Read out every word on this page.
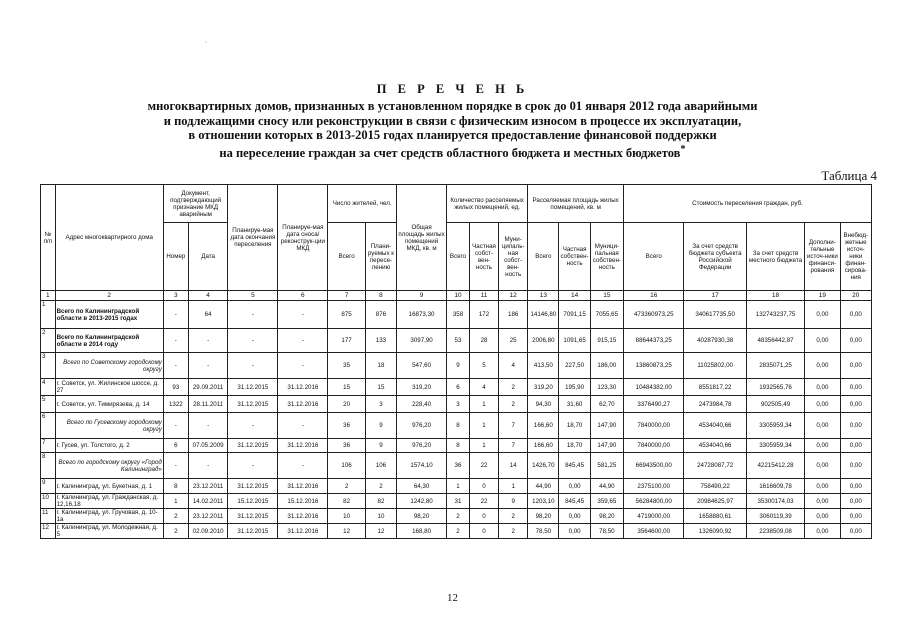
·
П Е Р Е Ч Е Н Ь
многоквартирных домов, признанных в установленном порядке в срок до 01 января 2012 года аварийными
и подлежащими сносу или реконструкции в связи с физическим износом в процессе их эксплуатации,
в отношении которых в 2013-2015 годах планируется предоставление финансовой поддержки
на переселение граждан за счет средств областного бюджета и местных бюджетов*
Таблица 4
№ п/п	Адрес многоквартирного дома	Документ, подтверждающий признание МКД аварийным		Планируе-мая дата окончания переселения	Планируе-мая дата сноса/ реконструк-ции МКД	Число жителей, чел.		Общая площадь жилых помещений МКД, кв. м	Количество расселяемых жилых помещений, ед.			Расселяемая площадь жилых помещений, кв. м			Стоимость переселения граждан, руб.				
		Номер	Дата			Всего	Плани-руемых к пересе-лению		Всего	Частная собст-вен-ность	Муни-ципаль-ная собст-вен-ность	Всего	Частная собствен-ность	Муници-пальная собствен-ность	Всего	За счет средств бюджета субъекта Российской Федерации	За счет средств местного бюджета	Дополни-тельные источ-ники финанси-рования	Внебюд-жетные источ-ники финан-сирова-ния
1	2	3	4	5	6	7	8	9	10	11	12	13	14	15	16	17	18	19	20
1	Всего по Калининградской области в 2013-2015 годах	-	64	-	-	875	876	16873,30	358	172	186	14146,80	7091,15	7055,65	473360973,25	340617735,50	132743237,75	0,00	0,00
2	Всего по Калининградской области в 2014 году	-	-	-	-	177	133	3097,90	53	28	25	2006,80	1091,65	915,15	88644373,25	40287930,38	48356442,87	0,00	0,00
3	Всего по Советскому городскому округу	-	-	-	-	35	18	547,60	9	5	4	413,50	227,50	186,00	13860873,25	11025802,00	2835071,25	0,00	0,00
4	г. Советск, ул. Жилинское шоссе, д. 27	93	29.09.2011	31.12.2015	31.12.2016	15	15	319,20	6	4	2	319,20	195,90	123,30	10484382,00	8551817,22	1932565,76	0,00	0,00
5	г. Советск, ул. Тимирязева, д. 14	1322	28.11.2011	31.12.2015	31.12.2016	20	3	228,40	3	1	2	94,30	31,60	62,70	3376490,27	2473984,78	902505,49	0,00	0,00
6	Всего по Гусевскому городскому округу	-	-	-	-	36	9	976,20	8	1	7	166,60	18,70	147,90	7840000,00	4534040,66	3305959,34	0,00	0,00
7	г. Гусев, ул. Толстого, д. 2	6	07.05.2009	31.12.2015	31.12.2016	36	9	976,20	8	1	7	166,60	18,70	147,90	7840000,00	4534040,66	3305959,34	0,00	0,00
8	Всего по городскому округу «Город Калининград»	-	-	-	-	106	106	1574,10	36	22	14	1426,70	845,45	581,25	66943500,00	24728087,72	42215412,28	0,00	0,00
9	г. Калининград, ул. Букетная, д. 1	8	23.12.2011	31.12.2015	31.12.2016	2	2	64,30	1	0	1	44,90	0,00	44,90	2375100,00	758490,22	1616609,78	0,00	0,00
10	г. Калининград, ул. Гражданская, д. 12,16,18	1	14.02.2011	15.12.2015	15.12.2016	82	82	1242,80	31	22	9	1203,10	845,45	359,65	56284800,00	20984625,97	35300174,03	0,00	0,00
11	г. Калининград, ул. Гручовая, д. 10-1а	2	23.12.2011	31.12.2015	31.12.2016	10	10	98,20	2	0	2	98,20	0,00	98,20	4719000,00	1658880,61	3060119,39	0,00	0,00
12	г. Калининград, ул. Молодежная, д. 5	2	02.09.2010	31.12.2015	31.12.2016	12	12	168,80	2	0	2	78,50	0,00	78,50	3564600,00	1326090,92	2238509,08	0,00	0,00
12
